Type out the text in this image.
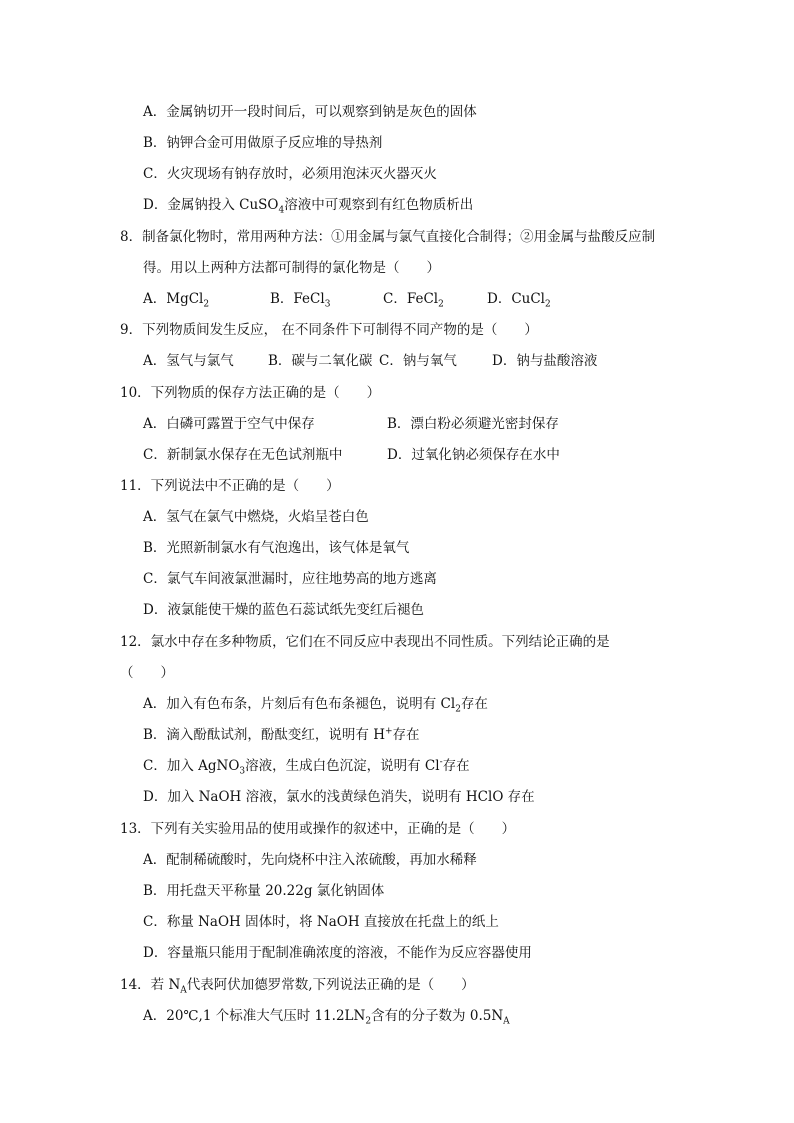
A．金属钠切开一段时间后，可以观察到钠是灰色的固体
B．钠钾合金可用做原子反应堆的导热剂
C．火灾现场有钠存放时，必须用泡沫灭火器灭火
D．金属钠投入 CuSO$_4$溶液中可观察到有红色物质析出
8．制备氯化物时，常用两种方法：①用金属与氯气直接化合制得；②用金属与盐酸反应制
得。用以上两种方法都可制得的氯化物是（　　）
A．MgCl$_2$	B．FeCl$_3$	C．FeCl$_2$	D．CuCl$_2$
9．下列物质间发生反应， 在不同条件下可制得不同产物的是（　　）
A．氢气与氯气	B．碳与二氧化碳 C．钠与氧气	D．钠与盐酸溶液
10．下列物质的保存方法正确的是（　　）
A．白磷可露置于空气中保存	B．漂白粉必须避光密封保存
C．新制氯水保存在无色试剂瓶中	D．过氧化钠必须保存在水中
11．下列说法中不正确的是（　　）
A．氢气在氯气中燃烧，火焰呈苍白色
B．光照新制氯水有气泡逸出，该气体是氧气
C．氯气车间液氯泄漏时，应往地势高的地方逃离
D．液氯能使干燥的蓝色石蕊试纸先变红后褪色
12．氯水中存在多种物质，它们在不同反应中表现出不同性质。下列结论正确的是
（　　）
A．加入有色布条，片刻后有色布条褪色，说明有 $Cl_2$存在
B．滴入酚酞试剂，酚酞变红，说明有 H+存在
C．加入 AgNO$_3$溶液，生成白色沉淀，说明有 Cl-存在
D．加入 NaOH 溶液，氯水的浅黄绿色消失，说明有 HClO 存在
13．下列有关实验用品的使用或操作的叙述中，正确的是（　　）
A．配制稀硫酸时，先向烧杯中注入浓硫酸，再加水稀释
B．用托盘天平称量 20.22g 氯化钠固体
C．称量 NaOH 固体时，将 NaOH 直接放在托盘上的纸上
D．容量瓶只能用于配制准确浓度的溶液，不能作为反应容器使用
14．若 $N_A$代表阿伏加德罗常数,下列说法正确的是（　　）
A．20℃,1 个标准大气压时 $11.2LN_2$含有的分子数为 $0.5N_A$
